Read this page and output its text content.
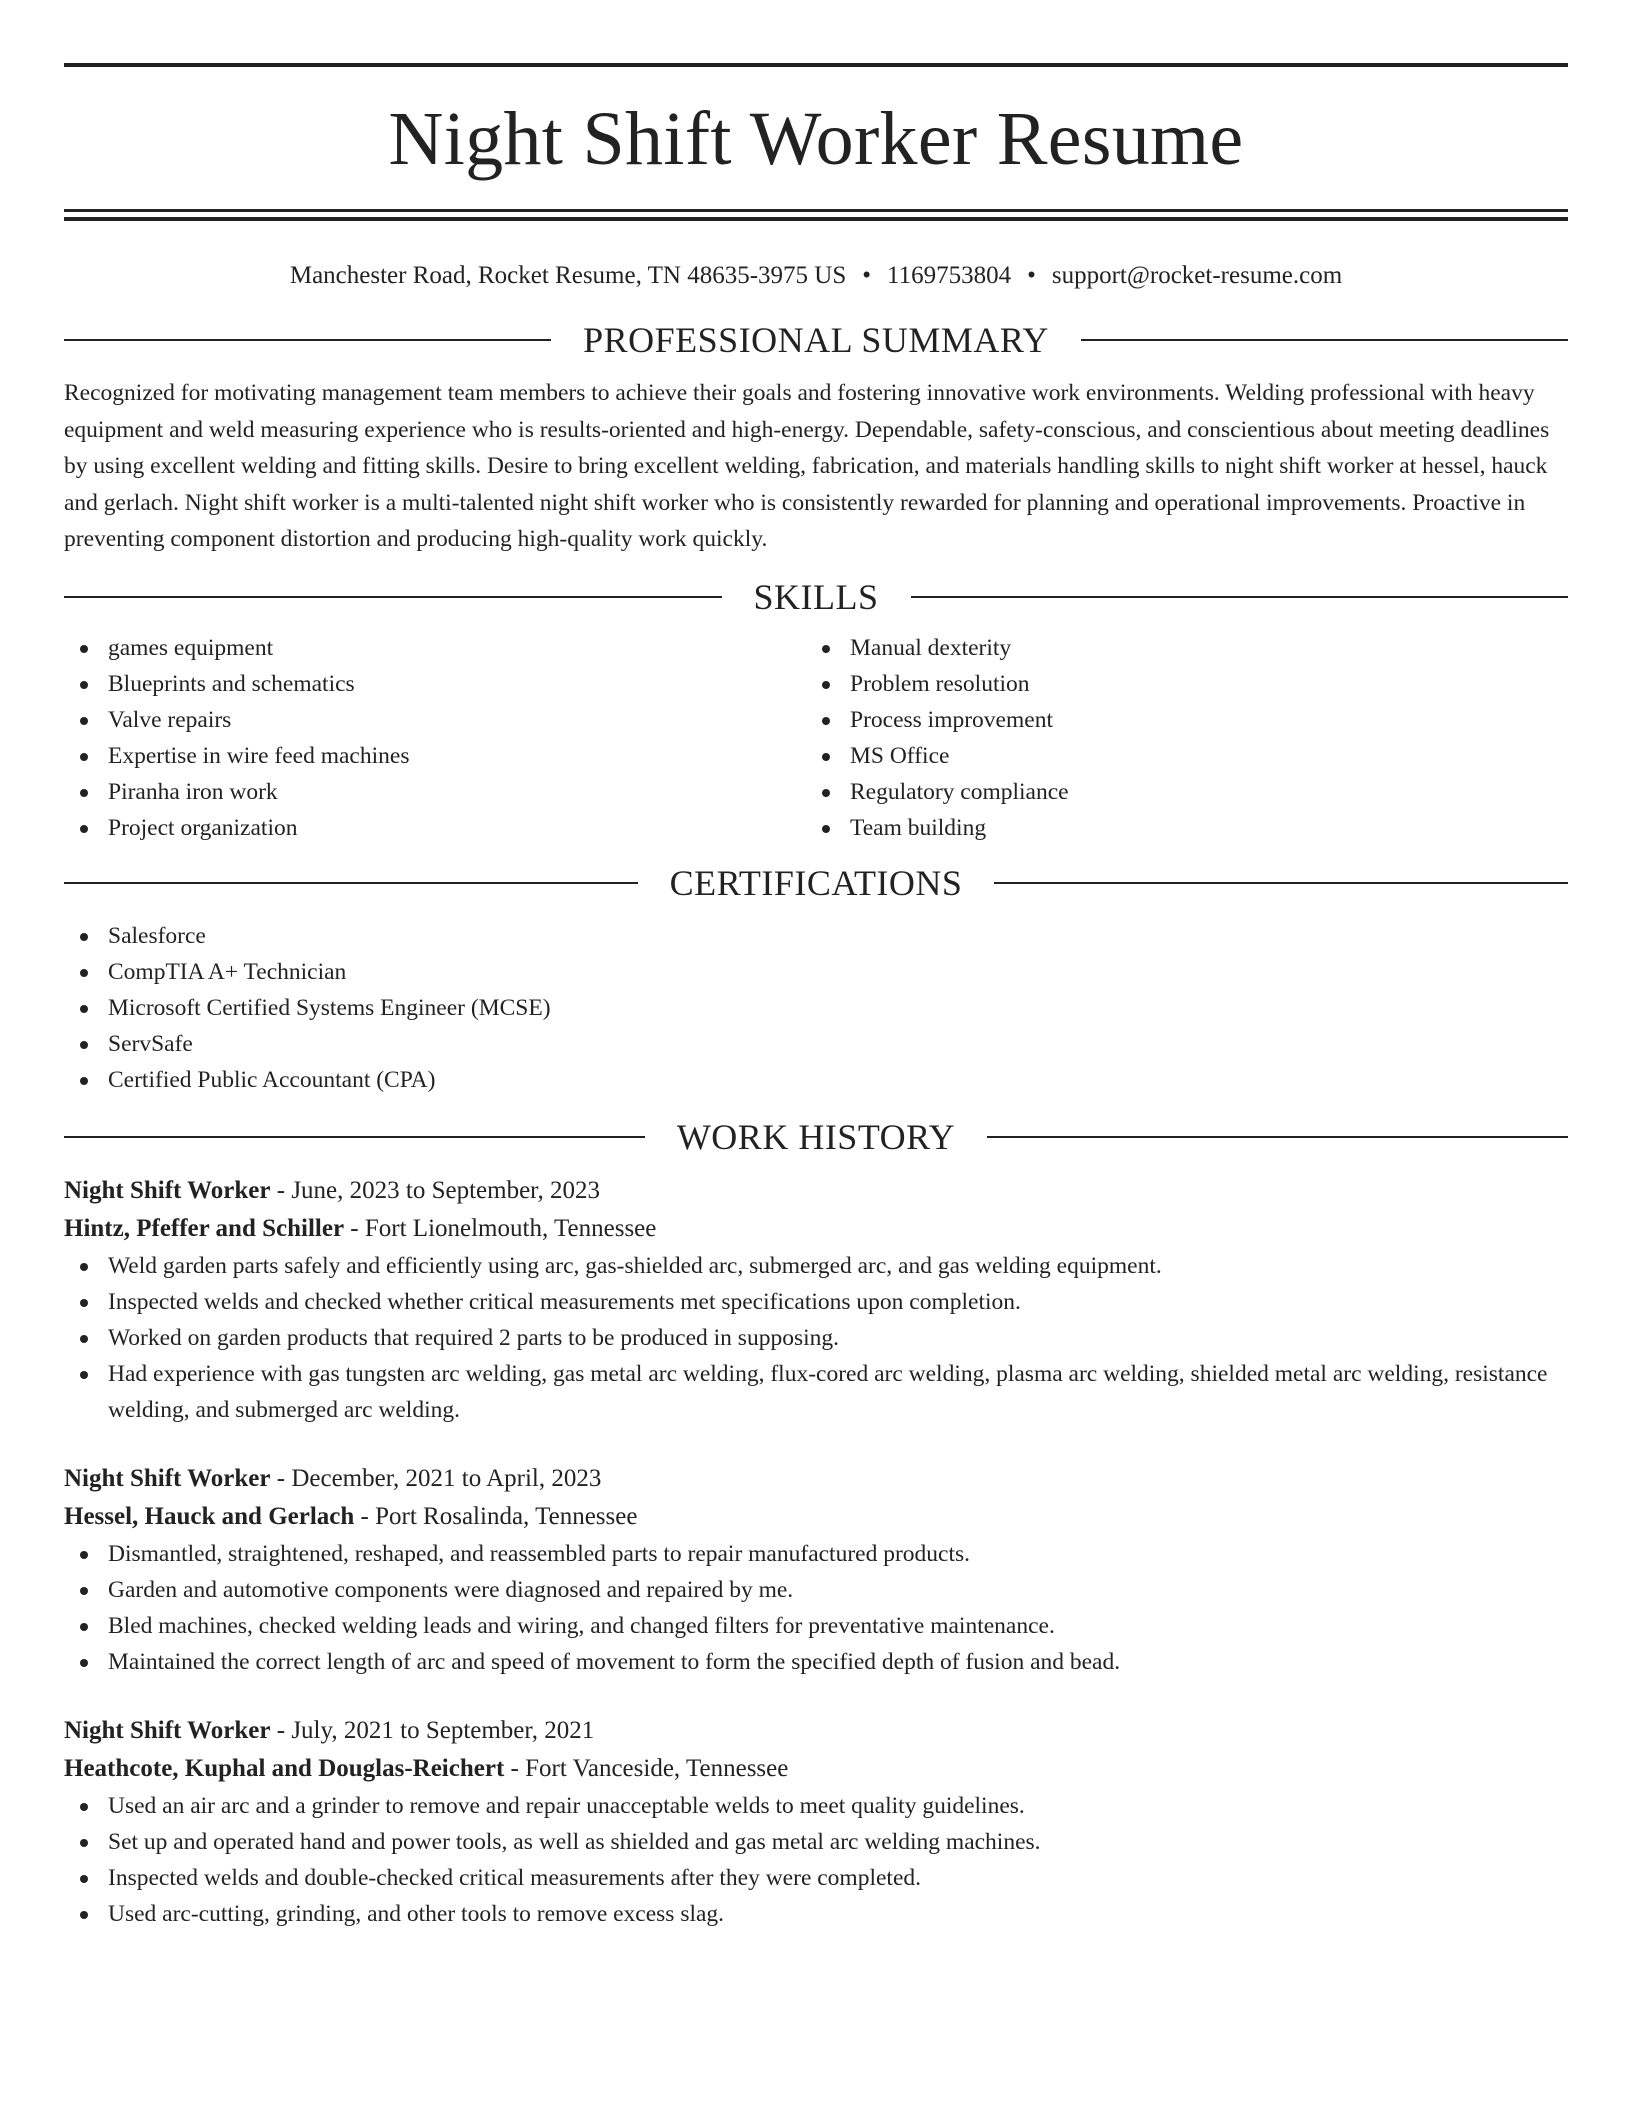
Night Shift Worker Resume
Manchester Road, Rocket Resume, TN 48635-3975 US • 1169753804 • support@rocket-resume.com
PROFESSIONAL SUMMARY
Recognized for motivating management team members to achieve their goals and fostering innovative work environments. Welding professional with heavy equipment and weld measuring experience who is results-oriented and high-energy. Dependable, safety-conscious, and conscientious about meeting deadlines by using excellent welding and fitting skills. Desire to bring excellent welding, fabrication, and materials handling skills to night shift worker at hessel, hauck and gerlach. Night shift worker is a multi-talented night shift worker who is consistently rewarded for planning and operational improvements. Proactive in preventing component distortion and producing high-quality work quickly.
SKILLS
games equipment
Blueprints and schematics
Valve repairs
Expertise in wire feed machines
Piranha iron work
Project organization
Manual dexterity
Problem resolution
Process improvement
MS Office
Regulatory compliance
Team building
CERTIFICATIONS
Salesforce
CompTIA A+ Technician
Microsoft Certified Systems Engineer (MCSE)
ServSafe
Certified Public Accountant (CPA)
WORK HISTORY
Night Shift Worker - June, 2023 to September, 2023
Hintz, Pfeffer and Schiller - Fort Lionelmouth, Tennessee
Weld garden parts safely and efficiently using arc, gas-shielded arc, submerged arc, and gas welding equipment.
Inspected welds and checked whether critical measurements met specifications upon completion.
Worked on garden products that required 2 parts to be produced in supposing.
Had experience with gas tungsten arc welding, gas metal arc welding, flux-cored arc welding, plasma arc welding, shielded metal arc welding, resistance welding, and submerged arc welding.
Night Shift Worker - December, 2021 to April, 2023
Hessel, Hauck and Gerlach - Port Rosalinda, Tennessee
Dismantled, straightened, reshaped, and reassembled parts to repair manufactured products.
Garden and automotive components were diagnosed and repaired by me.
Bled machines, checked welding leads and wiring, and changed filters for preventative maintenance.
Maintained the correct length of arc and speed of movement to form the specified depth of fusion and bead.
Night Shift Worker - July, 2021 to September, 2021
Heathcote, Kuphal and Douglas-Reichert - Fort Vanceside, Tennessee
Used an air arc and a grinder to remove and repair unacceptable welds to meet quality guidelines.
Set up and operated hand and power tools, as well as shielded and gas metal arc welding machines.
Inspected welds and double-checked critical measurements after they were completed.
Used arc-cutting, grinding, and other tools to remove excess slag.
